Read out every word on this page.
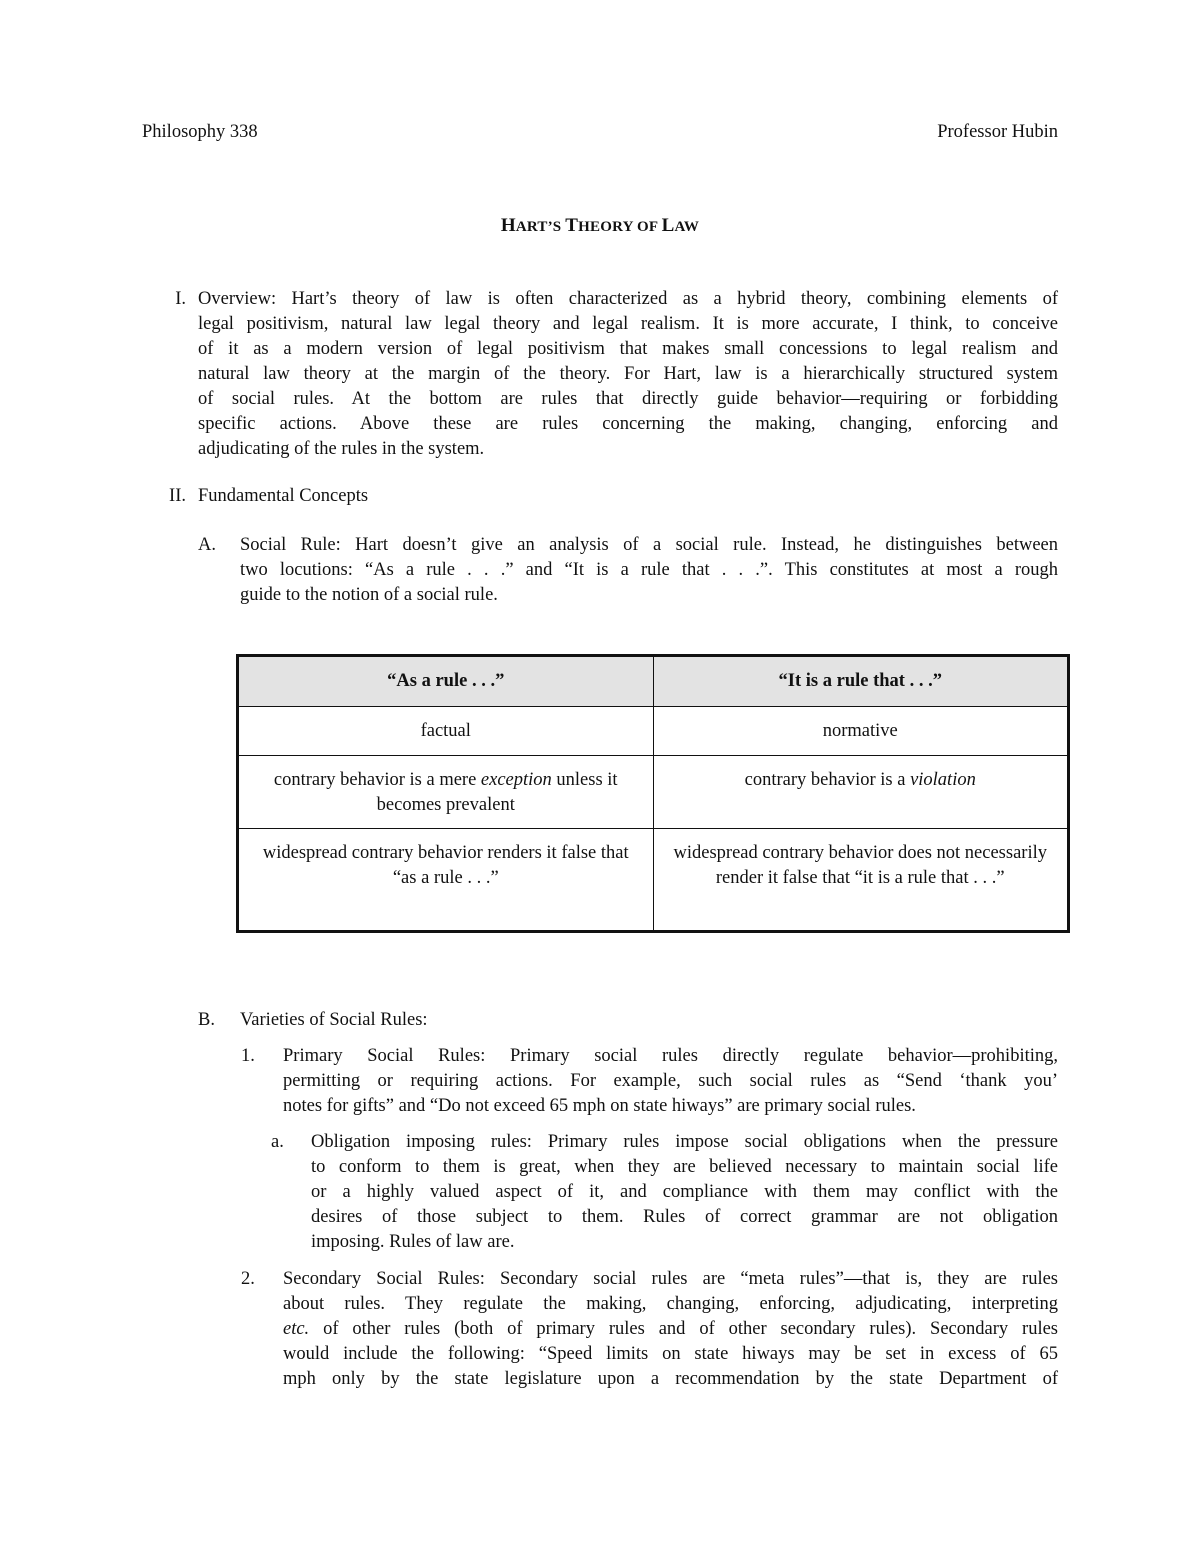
Philosophy 338	Professor Hubin
HART’S THEORY OF LAW
I. Overview: Hart’s theory of law is often characterized as a hybrid theory, combining elements of
legal positivism, natural law legal theory and legal realism. It is more accurate, I think, to conceive
of it as a modern version of legal positivism that makes small concessions to legal realism and
natural law theory at the margin of the theory. For Hart, law is a hierarchically structured system
of social rules. At the bottom are rules that directly guide behavior—requiring or forbidding
specific actions. Above these are rules concerning the making, changing, enforcing and
adjudicating of the rules in the system.
II. Fundamental Concepts
A. Social Rule: Hart doesn’t give an analysis of a social rule. Instead, he distinguishes between
two locutions: “As a rule . . .” and “It is a rule that . . .”. This constitutes at most a rough
guide to the notion of a social rule.
“As a rule . . .”	“It is a rule that . . .”
factual	normative
contrary behavior is a mere exception unless it becomes prevalent	contrary behavior is a violation
widespread contrary behavior renders it false that “as a rule . . .”	widespread contrary behavior does not necessarily render it false that “it is a rule that . . .”
B. Varieties of Social Rules:
1.	Primary Social Rules: Primary social rules directly regulate behavior—prohibiting,
permitting or requiring actions. For example, such social rules as “Send ‘thank you’
notes for gifts” and “Do not exceed 65 mph on state hiways” are primary social rules.
a.	Obligation imposing rules: Primary rules impose social obligations when the pressure
to conform to them is great, when they are believed necessary to maintain social life
or a highly valued aspect of it, and compliance with them may conflict with the
desires of those subject to them. Rules of correct grammar are not obligation
imposing. Rules of law are.
2.	Secondary Social Rules: Secondary social rules are “meta rules”—that is, they are rules
about rules. They regulate the making, changing, enforcing, adjudicating, interpreting
etc. of other rules (both of primary rules and of other secondary rules). Secondary rules
would include the following: “Speed limits on state hiways may be set in excess of 65
mph only by the state legislature upon a recommendation by the state Department of
